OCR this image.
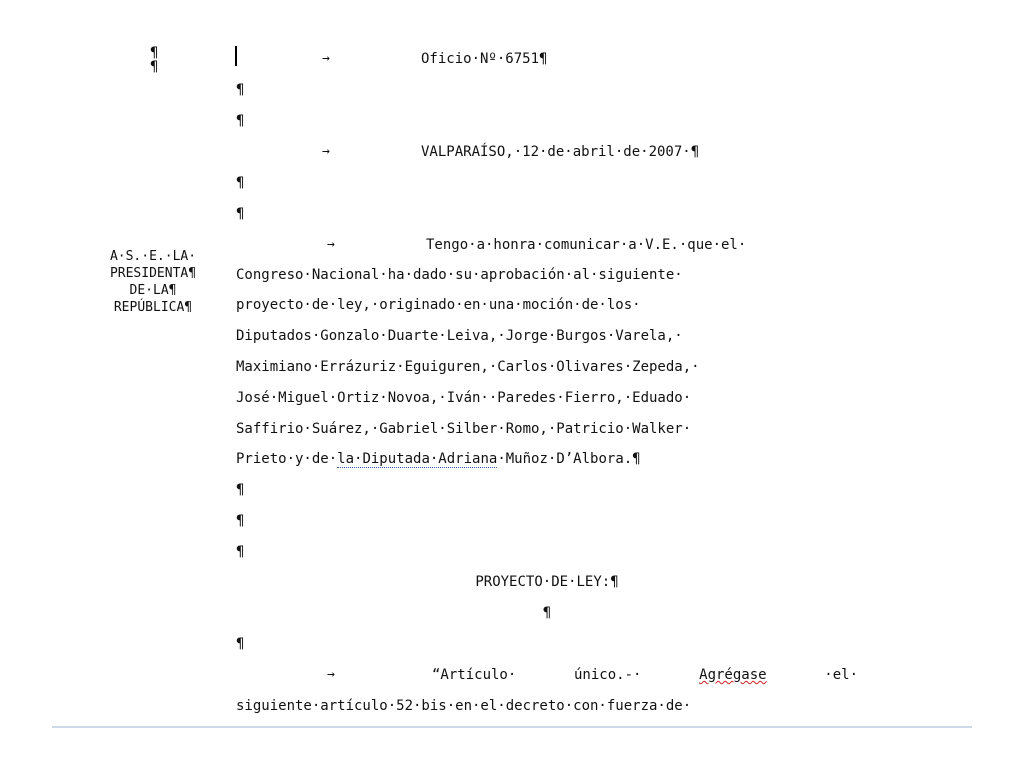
¶
¶
→	Oficio·Nº·6751¶
¶
¶
→	VALPARAÍSO,·12·de·abril·de·2007·¶
¶
¶
A·S.·E.·LA·
PRESIDENTA¶
DE·LA¶
REPÚBLICA¶
→	Tengo·a·honra·comunicar·a·V.E.·que·el·
Congreso·Nacional·ha·dado·su·aprobación·al·siguiente·
proyecto·de·ley,·originado·en·una·moción·de·los·
Diputados·Gonzalo·Duarte·Leiva,·Jorge·Burgos·Varela,·
Maximiano·Errázuriz·Eguiguren,·Carlos·Olivares·Zepeda,·
José·Miguel·Ortiz·Novoa,·Iván··Paredes·Fierro,·Eduado·
Saffirio·Suárez,·Gabriel·Silber·Romo,·Patricio·Walker·
Prieto·y·de·la·Diputada·Adriana·Muñoz·D’Albora.¶
¶
¶
¶
PROYECTO·DE·LEY:¶
¶
¶
→	“Artículo·	único.-·	Agrégase	·el·
siguiente·artículo·52·bis·en·el·decreto·con·fuerza·de·
